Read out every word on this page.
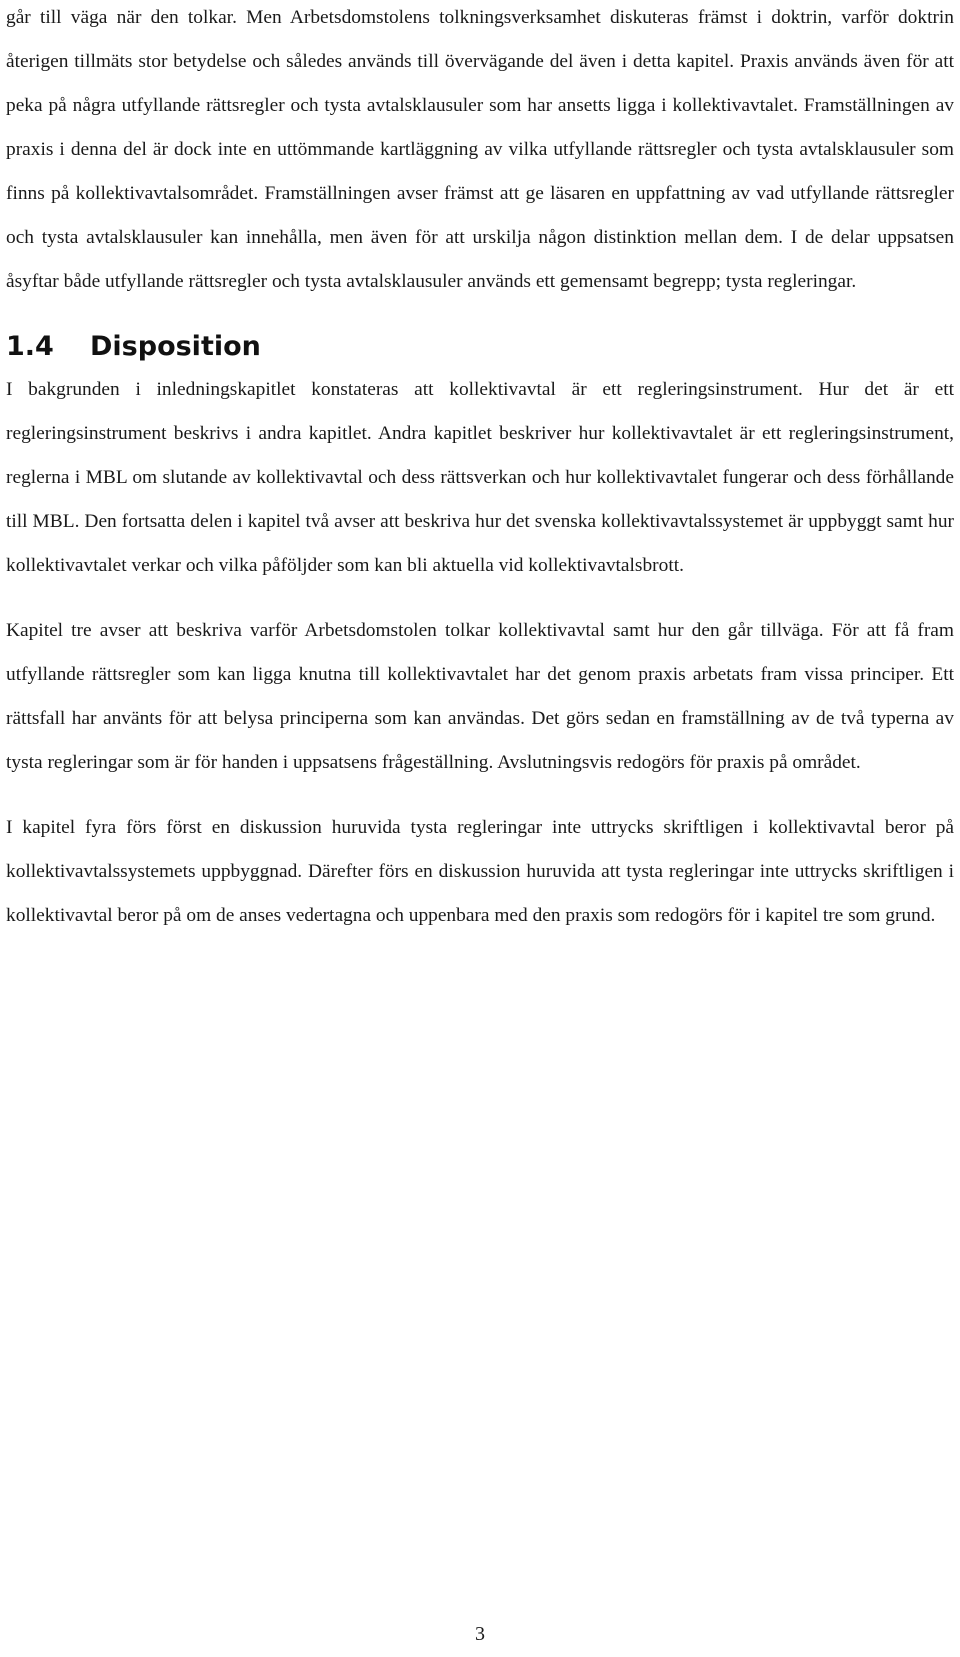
går till väga när den tolkar. Men Arbetsdomstolens tolkningsverksamhet diskuteras främst i doktrin, varför doktrin återigen tillmäts stor betydelse och således används till övervägande del även i detta kapitel. Praxis används även för att peka på några utfyllande rättsregler och tysta avtalsklausuler som har ansetts ligga i kollektivavtalet. Framställningen av praxis i denna del är dock inte en uttömmande kartläggning av vilka utfyllande rättsregler och tysta avtalsklausuler som finns på kollektivavtalsområdet. Framställningen avser främst att ge läsaren en uppfattning av vad utfyllande rättsregler och tysta avtalsklausuler kan innehålla, men även för att urskilja någon distinktion mellan dem. I de delar uppsatsen åsyftar både utfyllande rättsregler och tysta avtalsklausuler används ett gemensamt begrepp; tysta regleringar.

1.4 Disposition

I bakgrunden i inledningskapitlet konstateras att kollektivavtal är ett regleringsinstrument. Hur det är ett regleringsinstrument beskrivs i andra kapitlet. Andra kapitlet beskriver hur kollektivavtalet är ett regleringsinstrument, reglerna i MBL om slutande av kollektivavtal och dess rättsverkan och hur kollektivavtalet fungerar och dess förhållande till MBL. Den fortsatta delen i kapitel två avser att beskriva hur det svenska kollektivavtalssystemet är uppbyggt samt hur kollektivavtalet verkar och vilka påföljder som kan bli aktuella vid kollektivavtalsbrott.

Kapitel tre avser att beskriva varför Arbetsdomstolen tolkar kollektivavtal samt hur den går tillväga. För att få fram utfyllande rättsregler som kan ligga knutna till kollektivavtalet har det genom praxis arbetats fram vissa principer. Ett rättsfall har använts för att belysa principerna som kan användas. Det görs sedan en framställning av de två typerna av tysta regleringar som är för handen i uppsatsens frågeställning. Avslutningsvis redogörs för praxis på området.

I kapitel fyra förs först en diskussion huruvida tysta regleringar inte uttrycks skriftligen i kollektivavtal beror på kollektivavtalssystemets uppbyggnad. Därefter förs en diskussion huruvida att tysta regleringar inte uttrycks skriftligen i kollektivavtal beror på om de anses vedertagna och uppenbara med den praxis som redogörs för i kapitel tre som grund.

3
